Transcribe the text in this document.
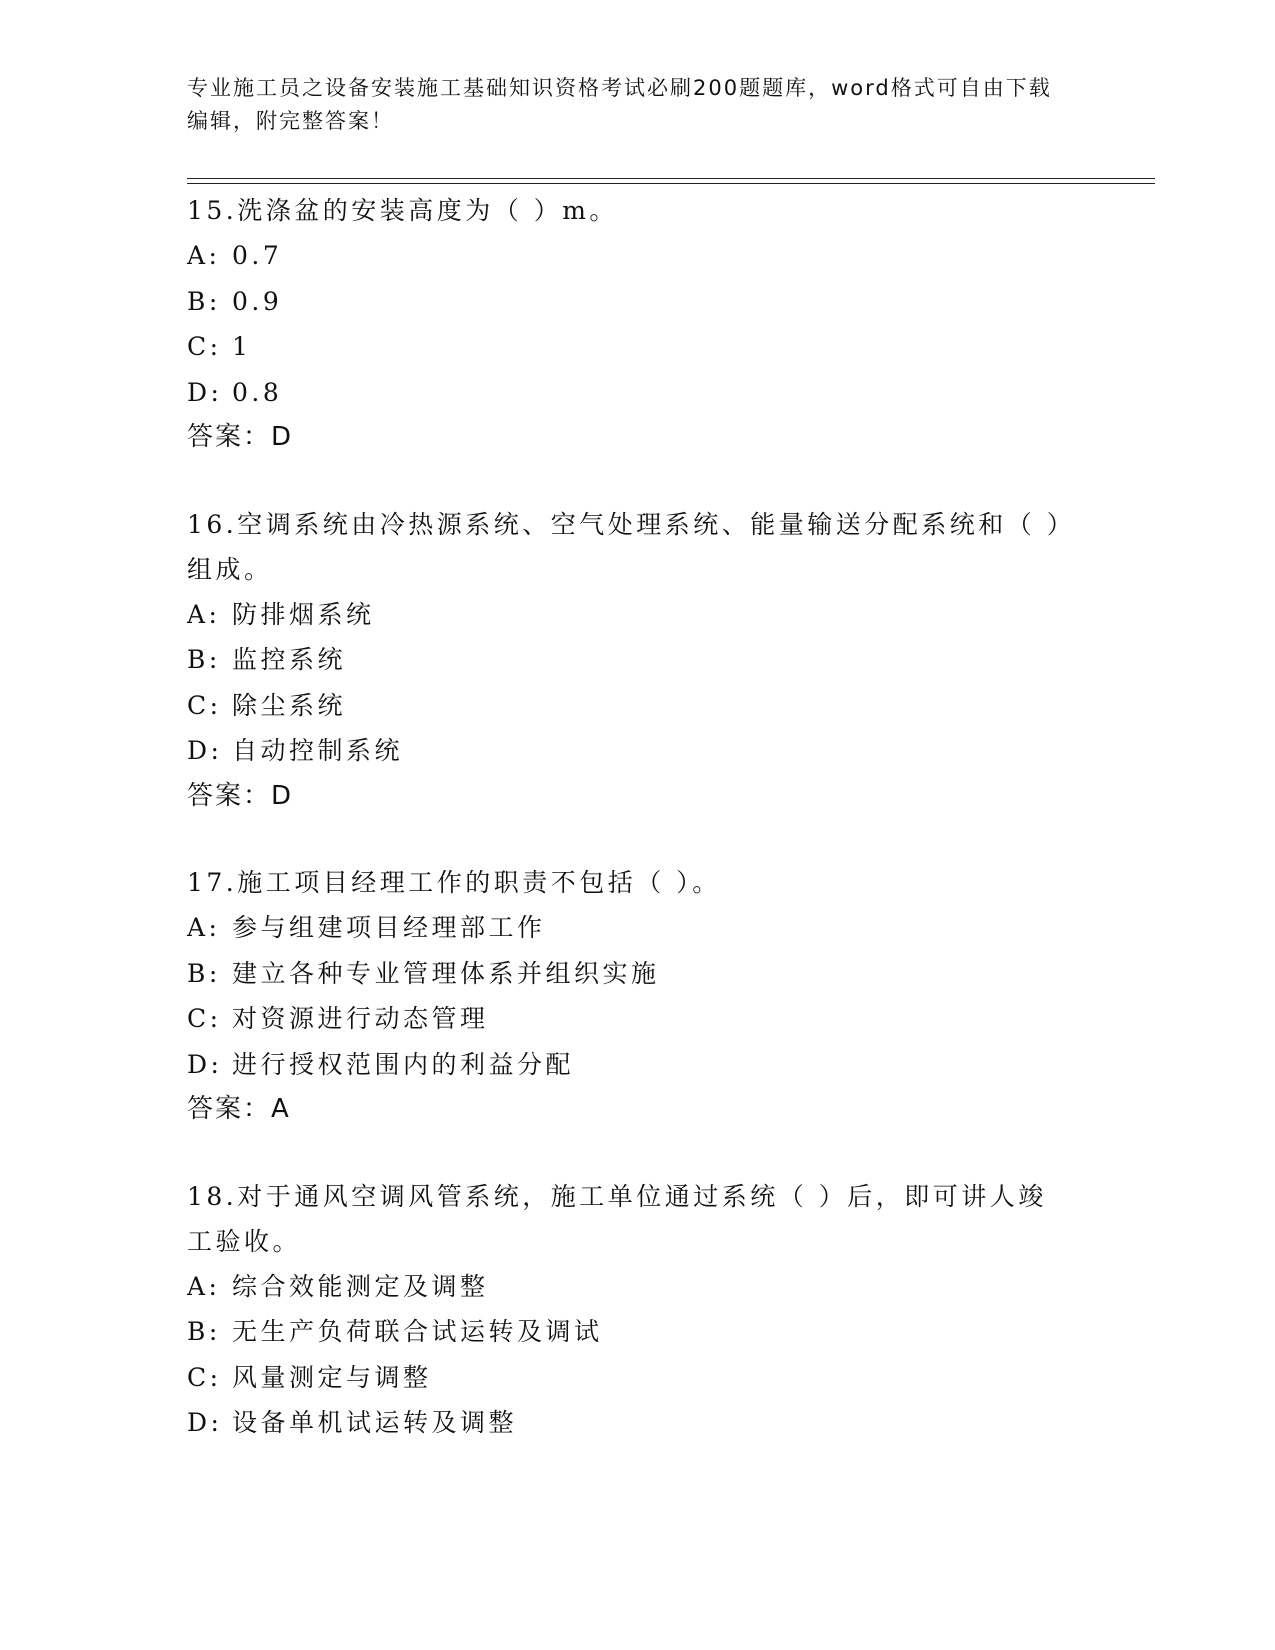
专业施工员之设备安装施工基础知识资格考试必刷200题题库，word格式可自由下载编辑，附完整答案！

15.洗涤盆的安装高度为（ ）m。

A: 0.7
B: 0.9
C: 1
D: 0.8
答案：D

16.空调系统由冷热源系统、空气处理系统、能量输送分配系统和（ ）组成。

A: 防排烟系统
B: 监控系统
C: 除尘系统
D: 自动控制系统
答案：D

17.施工项目经理工作的职责不包括（ ）。

A: 参与组建项目经理部工作
B: 建立各种专业管理体系并组织实施
C: 对资源进行动态管理
D: 进行授权范围内的利益分配
答案：A

18.对于通风空调风管系统，施工单位通过系统（ ）后，即可讲人竣工验收。

A: 综合效能测定及调整
B: 无生产负荷联合试运转及调试
C: 风量测定与调整
D: 设备单机试运转及调整
